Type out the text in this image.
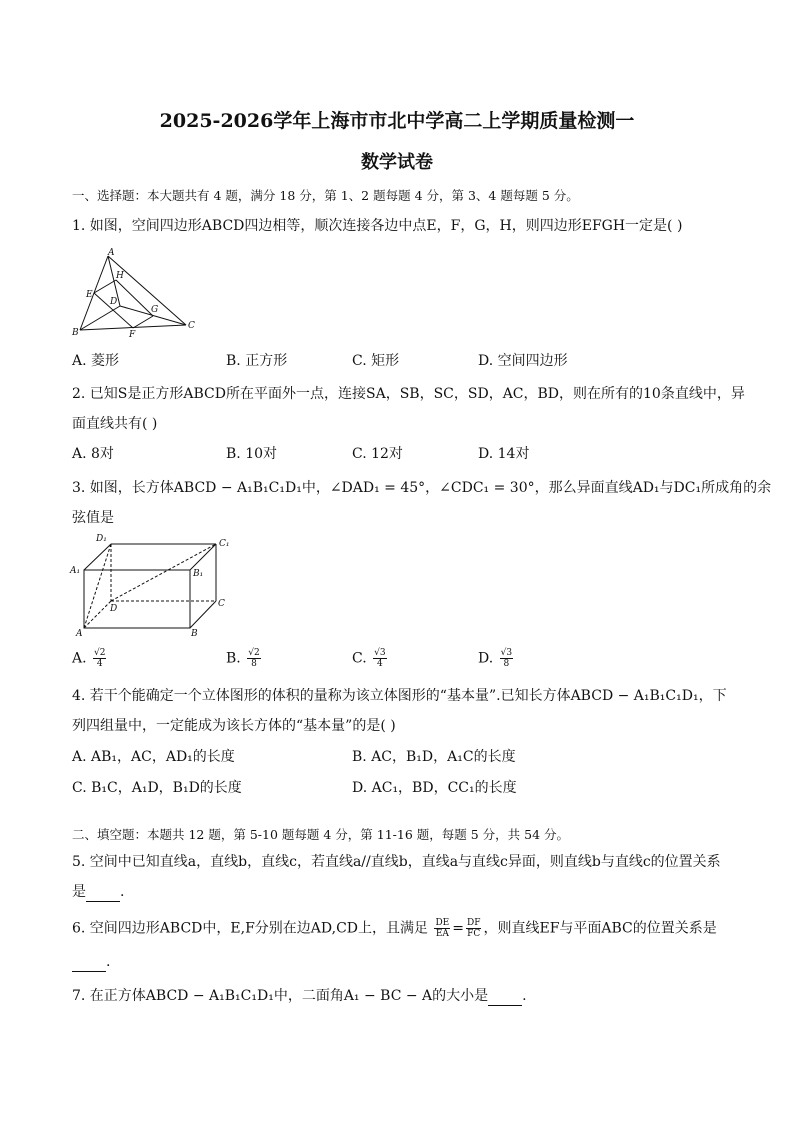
2025-2026学年上海市市北中学高二上学期质量检测一
数学试卷
一、选择题：本大题共有 4 题，满分 18 分，第 1、2 题每题 4 分，第 3、4 题每题 5 分。
1. 如图，空间四边形ABCD四边相等，顺次连接各边中点E，F，G，H，则四边形EFGH一定是( )
A
H
E
D
G
B	F
C
A. 菱形	B. 正方形	C. 矩形	D. 空间四边形
2. 已知S是正方形ABCD所在平面外一点，连接SA，SB，SC，SD，AC，BD，则在所有的10条直线中，异
面直线共有( )
A. 8对	B. 10对	C. 12对	D. 14对
3. 如图，长方体ABCD − A₁B₁C₁D₁中，∠DAD₁ = 45°，∠CDC₁ = 30°，那么异面直线AD₁与DC₁所成角的余
弦值是
D₁	C₁
A₁	B₁
D	C
A	B
A. $\frac{√2}{4}$	B. $\frac{√2}{8}$	C. $\frac{√3}{4}$	D. $\frac{√3}{8}$
4. 若干个能确定一个立体图形的体积的量称为该立体图形的“基本量”.已知长方体ABCD − A₁B₁C₁D₁，下
列四组量中，一定能成为该长方体的“基本量”的是( )
A. AB₁，AC，AD₁的长度	B. AC，B₁D，A₁C的长度
C. B₁C，A₁D，B₁D的长度	D. AC₁，BD，CC₁的长度
二、填空题：本题共 12 题，第 5-10 题每题 4 分，第 11-16 题，每题 5 分，共 54 分。
5. 空间中已知直线a，直线b，直线c，若直线a//直线b，直线a与直线c异面，则直线b与直线c的位置关系
是 .
6. 空间四边形ABCD中，E,F分别在边AD,CD上，且满足 $\frac{DE}{EA} = \frac{DF}{FC}$ ，则直线EF与平面ABC的位置关系是
.
7. 在正方体ABCD − A₁B₁C₁D₁中，二面角A₁ − BC − A的大小是 .
